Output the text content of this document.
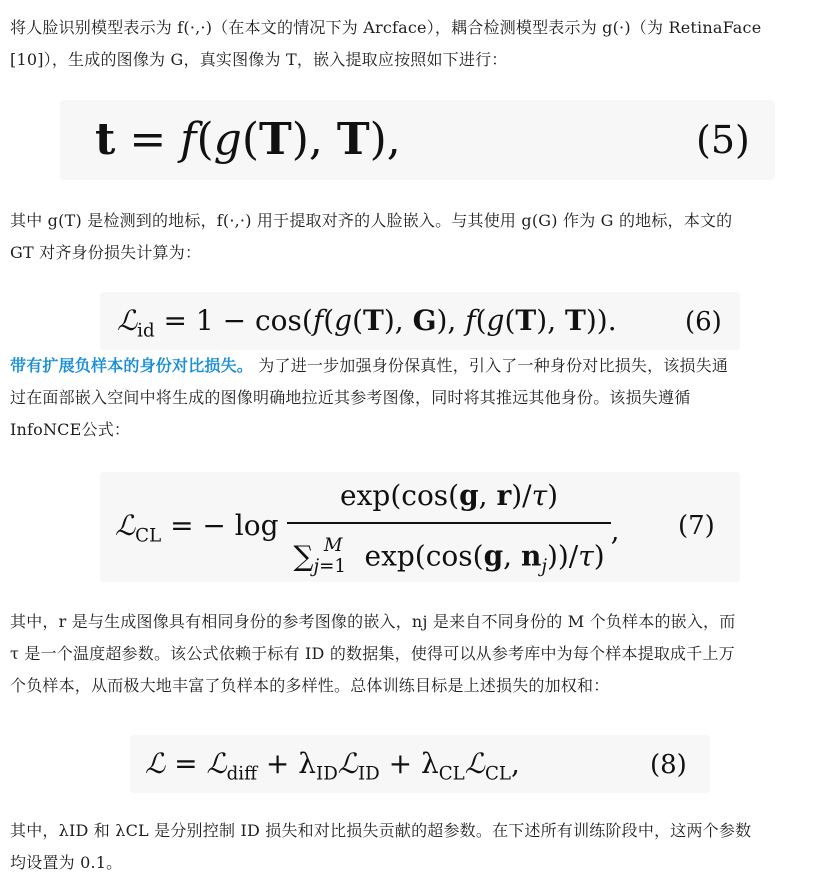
将人脸识别模型表示为 f(·,·)（在本文的情况下为 Arcface），耦合检测模型表示为 g(·)（为 RetinaFace
[10]），生成的图像为 G，真实图像为 T，嵌入提取应按照如下进行：
t = f(g(T), T),	(5)
其中 g(T) 是检测到的地标，f(·,·) 用于提取对齐的人脸嵌入。与其使用 g(G) 作为 G 的地标，本文的
GT 对齐身份损失计算为：
ℒ$_{id}$ = 1 − cos(f(g(T), G), f(g(T), T)).	(6)
带有扩展负样本的身份对比损失。 为了进一步加强身份保真性，引入了一种身份对比损失，该损失通
过在面部嵌入空间中将生成的图像明确地拉近其参考图像，同时将其推远其他身份。该损失遵循
InfoNCE公式：
ℒ$_{CL}$ = − $\log \frac{\exp(\cos(g, r)/\tau)}{\sum_{j=1}^M \exp(\cos(g, n_j))/\tau)}$ , (7)
其中，r 是与生成图像具有相同身份的参考图像的嵌入，nj 是来自不同身份的 M 个负样本的嵌入，而
τ 是一个温度超参数。该公式依赖于标有 ID 的数据集，使得可以从参考库中为每个样本提取成千上万
个负样本，从而极大地丰富了负样本的多样性。总体训练目标是上述损失的加权和：
ℒ = ℒ$_{diff}$ + $\lambda_{ID}ℒ_{ID}$ + $\lambda_{CL}ℒ_{CL}$,	(8)
其中，λID 和 λCL 是分别控制 ID 损失和对比损失贡献的超参数。在下述所有训练阶段中，这两个参数
均设置为 0.1。
